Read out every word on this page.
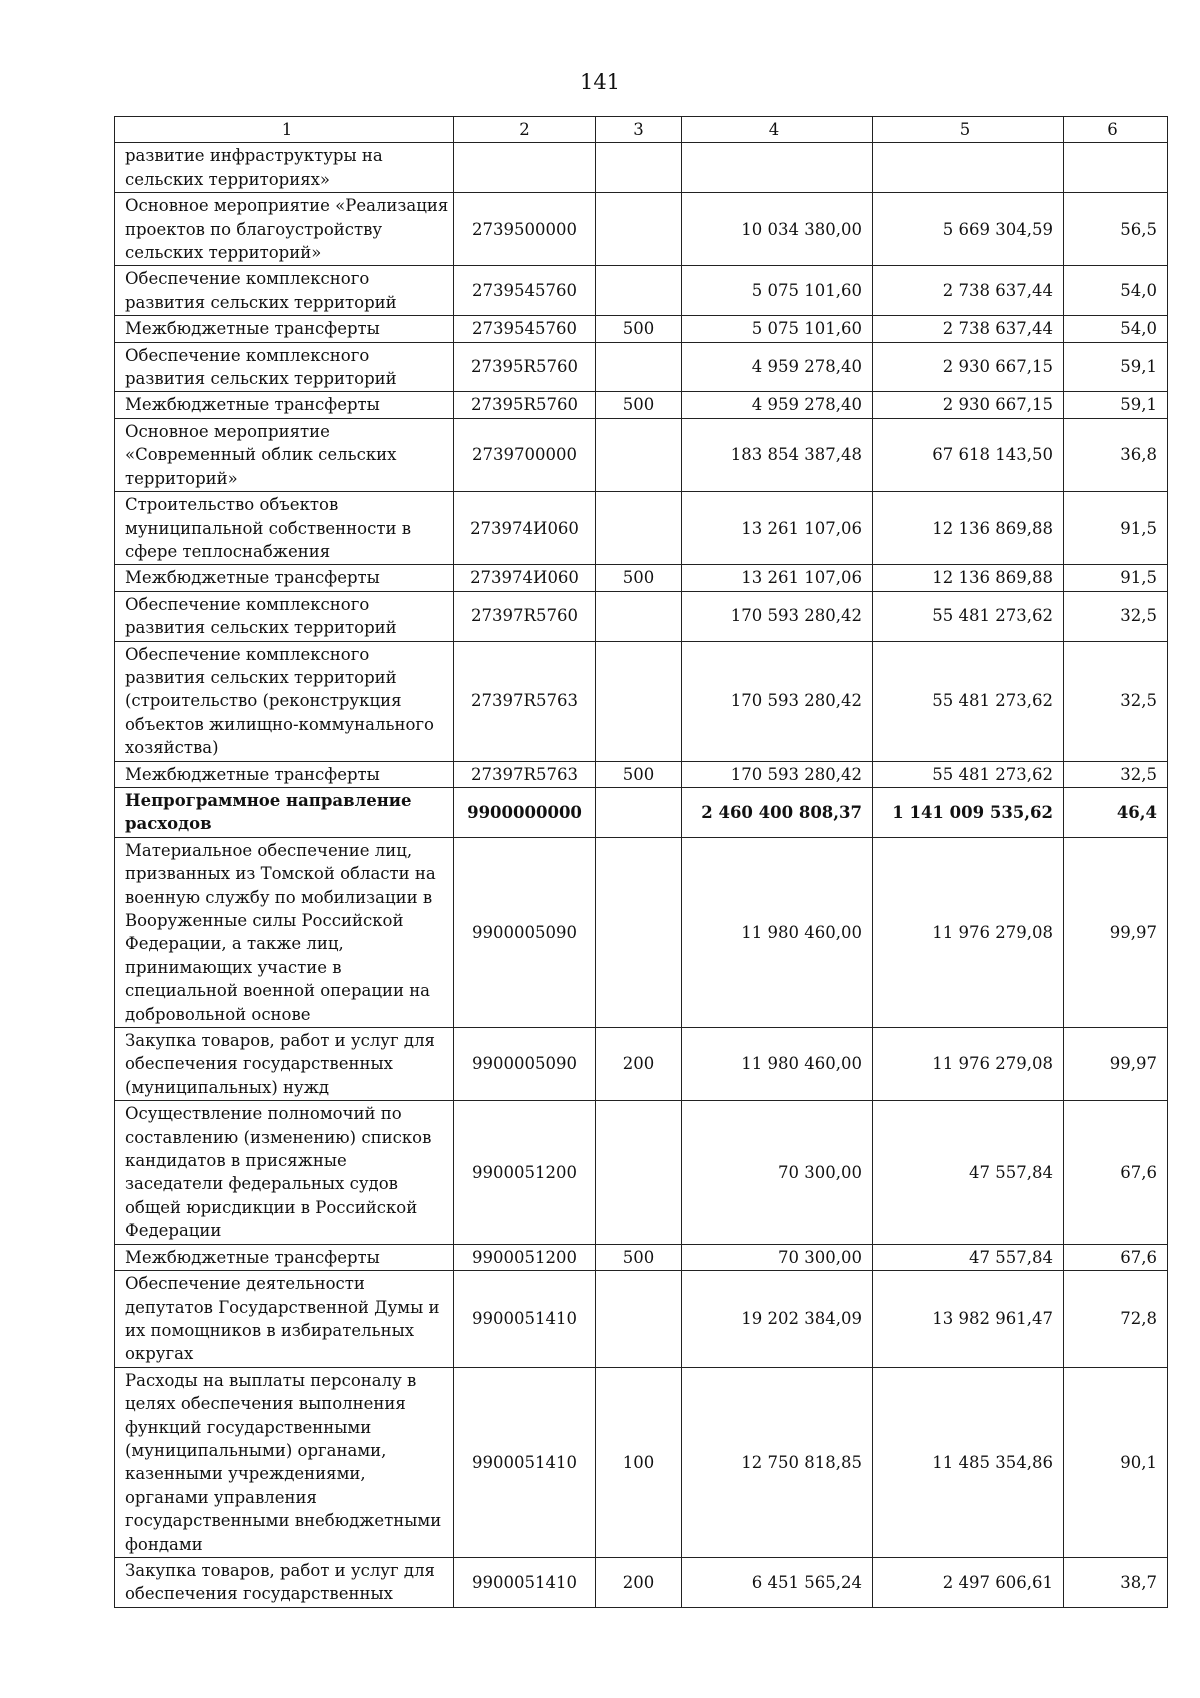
141
1	2	3	4	5	6
развитие инфраструктуры на сельских территориях»					
Основное мероприятие «Реализация проектов по благоустройству сельских территорий»	2739500000		10 034 380,00	5 669 304,59	56,5
Обеспечение комплексного развития сельских территорий	2739545760		5 075 101,60	2 738 637,44	54,0
Межбюджетные трансферты	2739545760	500	5 075 101,60	2 738 637,44	54,0
Обеспечение комплексного развития сельских территорий	27395R5760		4 959 278,40	2 930 667,15	59,1
Межбюджетные трансферты	27395R5760	500	4 959 278,40	2 930 667,15	59,1
Основное мероприятие «Современный облик сельских территорий»	2739700000		183 854 387,48	67 618 143,50	36,8
Строительство объектов муниципальной собственности в сфере теплоснабжения	273974И060		13 261 107,06	12 136 869,88	91,5
Межбюджетные трансферты	273974И060	500	13 261 107,06	12 136 869,88	91,5
Обеспечение комплексного развития сельских территорий	27397R5760		170 593 280,42	55 481 273,62	32,5
Обеспечение комплексного развития сельских территорий (строительство (реконструкция объектов жилищно-коммунального хозяйства)	27397R5763		170 593 280,42	55 481 273,62	32,5
Межбюджетные трансферты	27397R5763	500	170 593 280,42	55 481 273,62	32,5
Непрограммное направление расходов	9900000000		2 460 400 808,37	1 141 009 535,62	46,4
Материальное обеспечение лиц, призванных из Томской области на военную службу по мобилизации в Вооруженные силы Российской Федерации, а также лиц, принимающих участие в специальной военной операции на добровольной основе	9900005090		11 980 460,00	11 976 279,08	99,97
Закупка товаров, работ и услуг для обеспечения государственных (муниципальных) нужд	9900005090	200	11 980 460,00	11 976 279,08	99,97
Осуществление полномочий по составлению (изменению) списков кандидатов в присяжные заседатели федеральных судов общей юрисдикции в Российской Федерации	9900051200		70 300,00	47 557,84	67,6
Межбюджетные трансферты	9900051200	500	70 300,00	47 557,84	67,6
Обеспечение деятельности депутатов Государственной Думы и их помощников в избирательных округах	9900051410		19 202 384,09	13 982 961,47	72,8
Расходы на выплаты персоналу в целях обеспечения выполнения функций государственными (муниципальными) органами, казенными учреждениями, органами управления государственными внебюджетными фондами	9900051410	100	12 750 818,85	11 485 354,86	90,1
Закупка товаров, работ и услуг для обеспечения государственных	9900051410	200	6 451 565,24	2 497 606,61	38,7
